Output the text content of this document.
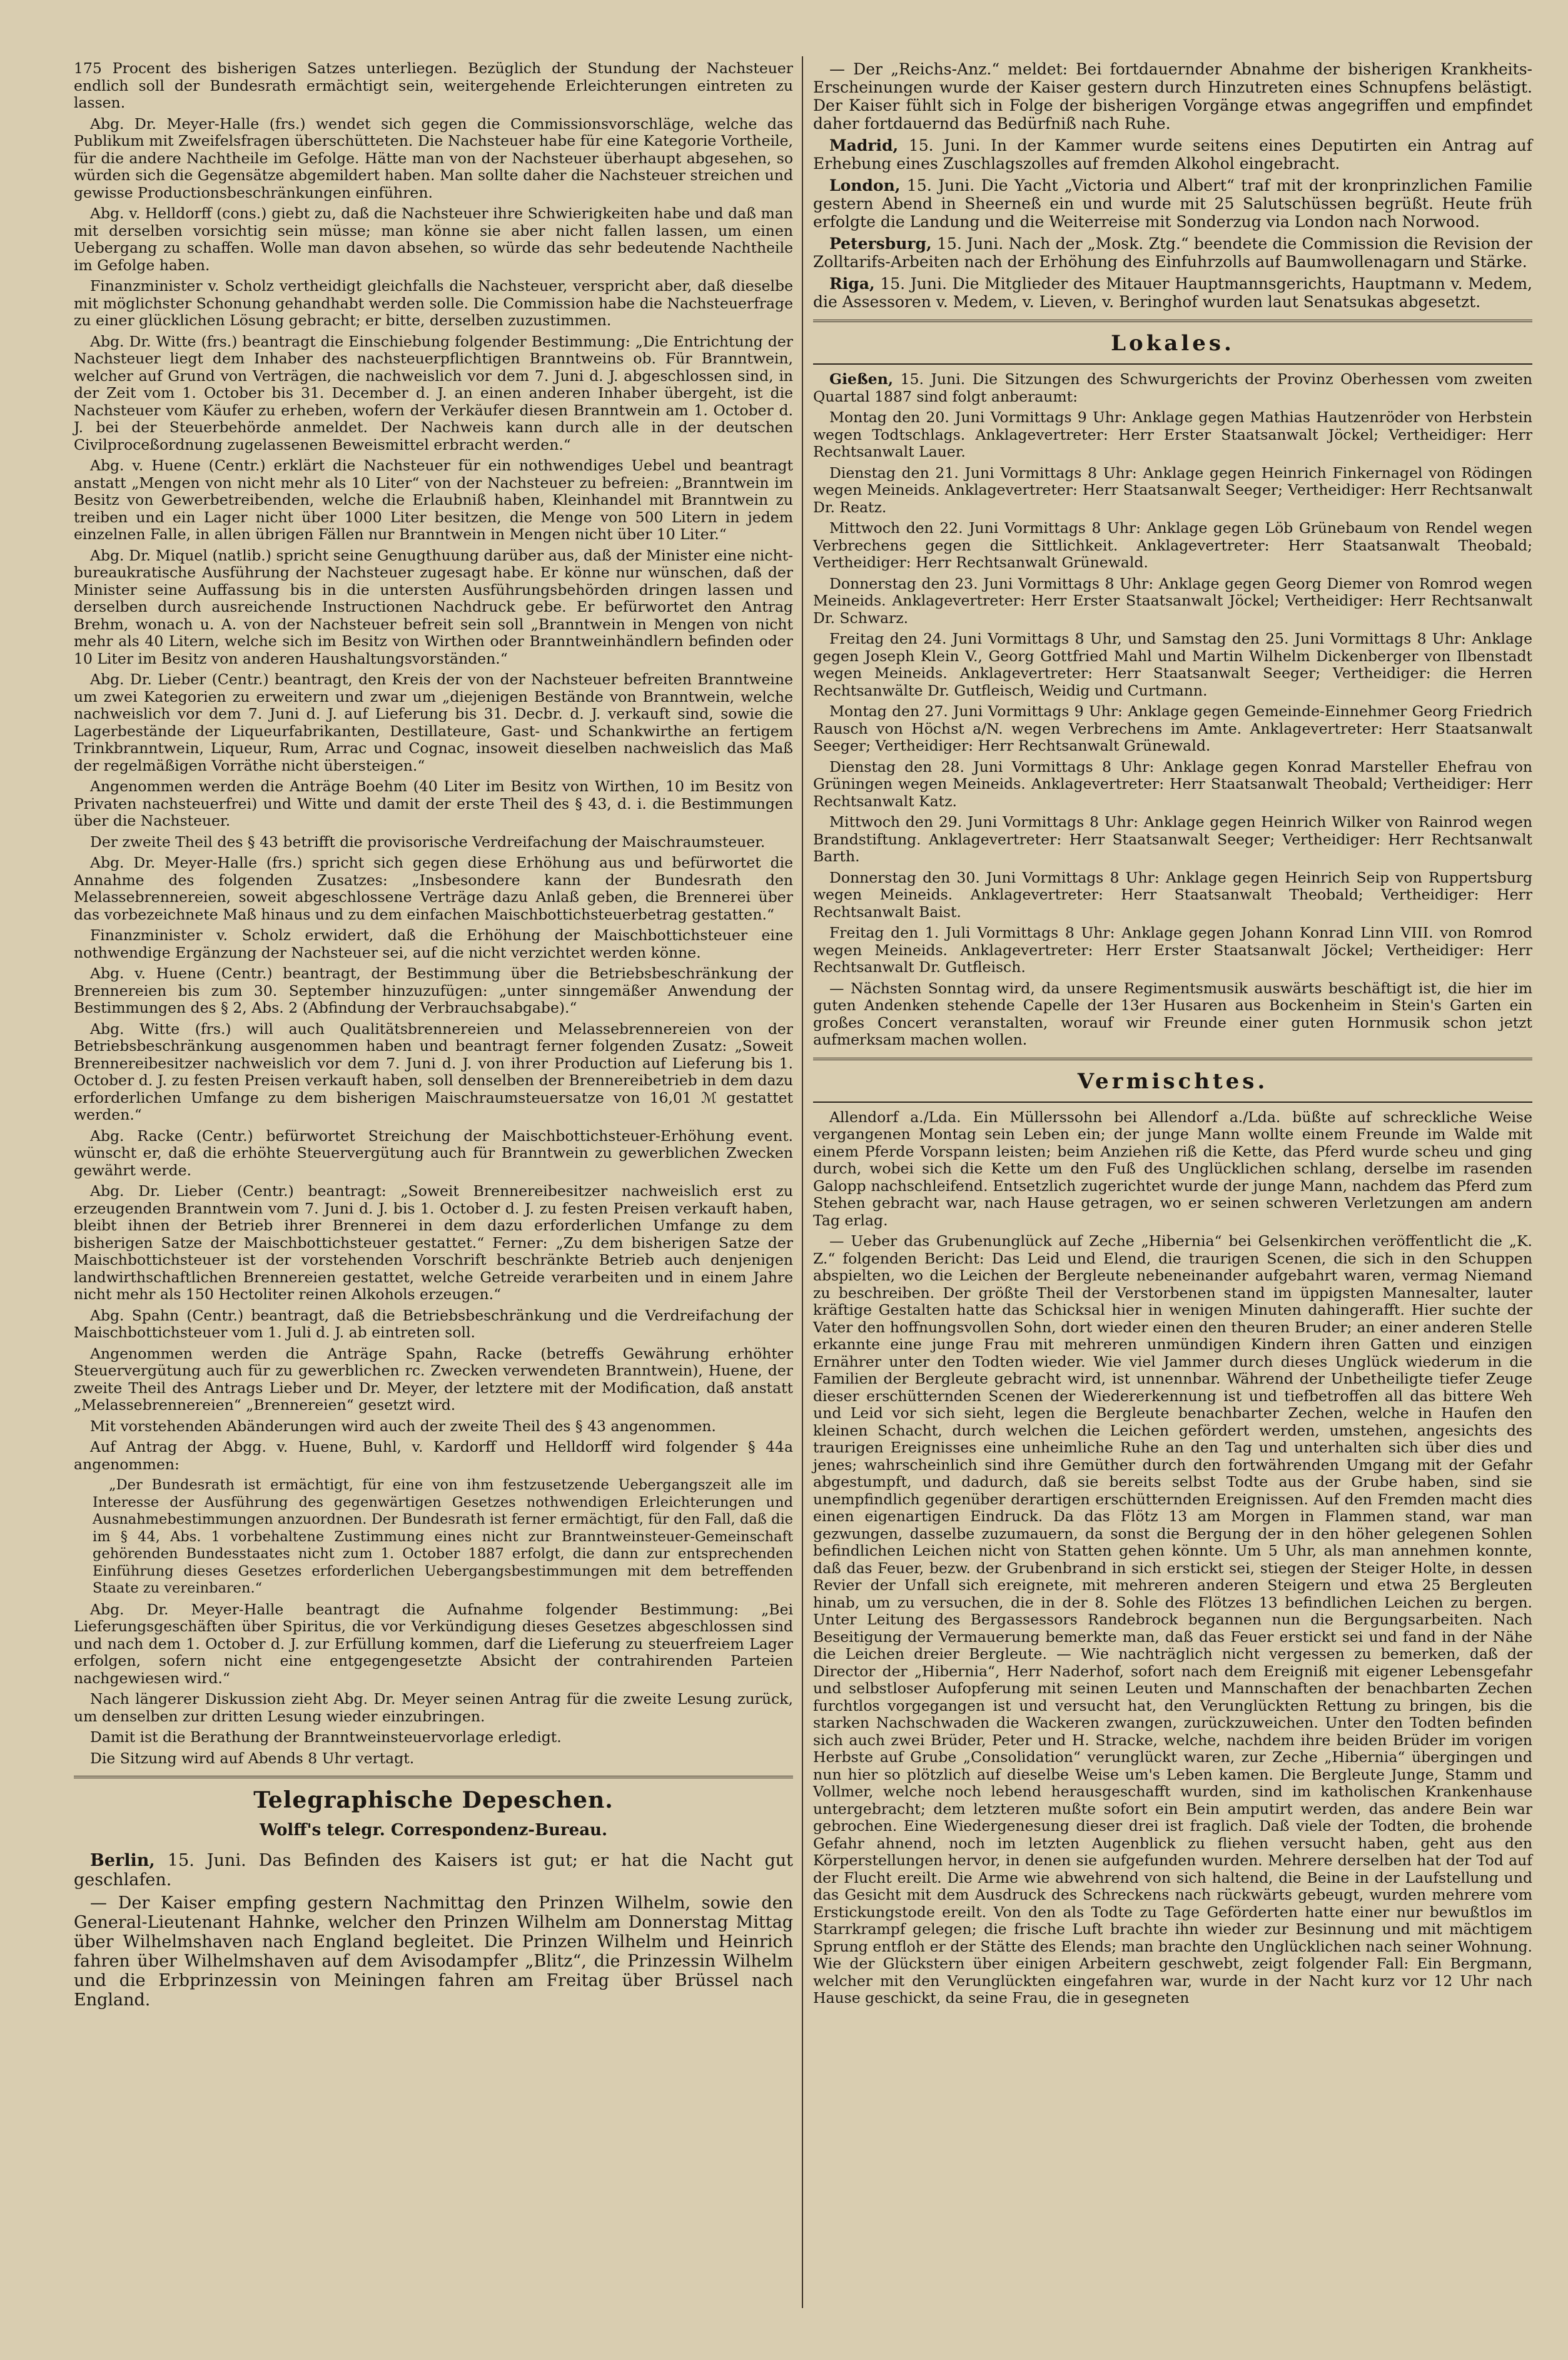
175 Procent des bisherigen Satzes unterliegen. Bezüglich der Stundung der Nachsteuer endlich soll der Bundesrath ermächtigt sein, weitergehende Erleichterungen eintreten zu lassen.

Abg. Dr. Meyer-Halle (frs.) wendet sich gegen die Commissionsvorschläge, welche das Publikum mit Zweifelsfragen überschütteten. Die Nachsteuer habe für eine Kategorie Vortheile, für die andere Nachtheile im Gefolge. Hätte man von der Nachsteuer überhaupt abgesehen, so würden sich die Gegensätze abgemildert haben. Man sollte daher die Nachsteuer streichen und gewisse Productionsbeschränkungen einführen.

Abg. v. Helldorff (cons.) giebt zu, daß die Nachsteuer ihre Schwierigkeiten habe und daß man mit derselben vorsichtig sein müsse; man könne sie aber nicht fallen lassen, um einen Uebergang zu schaffen. Wolle man davon absehen, so würde das sehr bedeutende Nachtheile im Gefolge haben.

Finanzminister v. Scholz vertheidigt gleichfalls die Nachsteuer, verspricht aber, daß dieselbe mit möglichster Schonung gehandhabt werden solle. Die Commission habe die Nachsteuerfrage zu einer glücklichen Lösung gebracht; er bitte, derselben zuzustimmen.

Abg. Dr. Witte (frs.) beantragt die Einschiebung folgender Bestimmung: „Die Entrichtung der Nachsteuer liegt dem Inhaber des nachsteuerpflichtigen Branntweins ob. Für Branntwein, welcher auf Grund von Verträgen, die nachweislich vor dem 7. Juni d. J. abgeschlossen sind, in der Zeit vom 1. October bis 31. December d. J. an einen anderen Inhaber übergeht, ist die Nachsteuer vom Käufer zu erheben, wofern der Verkäufer diesen Branntwein am 1. October d. J. bei der Steuerbehörde anmeldet. Der Nachweis kann durch alle in der deutschen Civilproceßordnung zugelassenen Beweismittel erbracht werden.“

Abg. v. Huene (Centr.) erklärt die Nachsteuer für ein nothwendiges Uebel und beantragt anstatt „Mengen von nicht mehr als 10 Liter“ von der Nachsteuer zu befreien: „Branntwein im Besitz von Gewerbetreibenden, welche die Erlaubniß haben, Kleinhandel mit Branntwein zu treiben und ein Lager nicht über 1000 Liter besitzen, die Menge von 500 Litern in jedem einzelnen Falle, in allen übrigen Fällen nur Branntwein in Mengen nicht über 10 Liter.“

Abg. Dr. Miquel (natlib.) spricht seine Genugthuung darüber aus, daß der Minister eine nicht-bureaukratische Ausführung der Nachsteuer zugesagt habe. Er könne nur wünschen, daß der Minister seine Auffassung bis in die untersten Ausführungsbehörden dringen lassen und derselben durch ausreichende Instructionen Nachdruck gebe. Er befürwortet den Antrag Brehm, wonach u. A. von der Nachsteuer befreit sein soll „Branntwein in Mengen von nicht mehr als 40 Litern, welche sich im Besitz von Wirthen oder Branntweinhändlern befinden oder 10 Liter im Besitz von anderen Haushaltungsvorständen.“

Abg. Dr. Lieber (Centr.) beantragt, den Kreis der von der Nachsteuer befreiten Branntweine um zwei Kategorien zu erweitern und zwar um „diejenigen Bestände von Branntwein, welche nachweislich vor dem 7. Juni d. J. auf Lieferung bis 31. Decbr. d. J. verkauft sind, sowie die Lagerbestände der Liqueurfabrikanten, Destillateure, Gast- und Schankwirthe an fertigem Trinkbranntwein, Liqueur, Rum, Arrac und Cognac, insoweit dieselben nachweislich das Maß der regelmäßigen Vorräthe nicht übersteigen.“

Angenommen werden die Anträge Boehm (40 Liter im Besitz von Wirthen, 10 im Besitz von Privaten nachsteuerfrei) und Witte und damit der erste Theil des § 43, d. i. die Bestimmungen über die Nachsteuer.

Der zweite Theil des § 43 betrifft die provisorische Verdreifachung der Maischraumsteuer.

Abg. Dr. Meyer-Halle (frs.) spricht sich gegen diese Erhöhung aus und befürwortet die Annahme des folgenden Zusatzes: „Insbesondere kann der Bundesrath den Melassebrennereien, soweit abgeschlossene Verträge dazu Anlaß geben, die Brennerei über das vorbezeichnete Maß hinaus und zu dem einfachen Maischbottichsteuerbetrag gestatten.“

Finanzminister v. Scholz erwidert, daß die Erhöhung der Maischbottichsteuer eine nothwendige Ergänzung der Nachsteuer sei, auf die nicht verzichtet werden könne.

Abg. v. Huene (Centr.) beantragt, der Bestimmung über die Betriebsbeschränkung der Brennereien bis zum 30. September hinzuzufügen: „unter sinngemäßer Anwendung der Bestimmungen des § 2, Abs. 2 (Abfindung der Verbrauchsabgabe).“

Abg. Witte (frs.) will auch Qualitätsbrennereien und Melassebrennereien von der Betriebsbeschränkung ausgenommen haben und beantragt ferner folgenden Zusatz: „Soweit Brennereibesitzer nachweislich vor dem 7. Juni d. J. von ihrer Production auf Lieferung bis 1. October d. J. zu festen Preisen verkauft haben, soll denselben der Brennereibetrieb in dem dazu erforderlichen Umfange zu dem bisherigen Maischraumsteuersatze von 16,01 ℳ gestattet werden.“

Abg. Racke (Centr.) befürwortet Streichung der Maischbottichsteuer-Erhöhung event. wünscht er, daß die erhöhte Steuervergütung auch für Branntwein zu gewerblichen Zwecken gewährt werde.

Abg. Dr. Lieber (Centr.) beantragt: „Soweit Brennereibesitzer nachweislich erst zu erzeugenden Branntwein vom 7. Juni d. J. bis 1. October d. J. zu festen Preisen verkauft haben, bleibt ihnen der Betrieb ihrer Brennerei in dem dazu erforderlichen Umfange zu dem bisherigen Satze der Maischbottichsteuer gestattet.“ Ferner: „Zu dem bisherigen Satze der Maischbottichsteuer ist der vorstehenden Vorschrift beschränkte Betrieb auch denjenigen landwirthschaftlichen Brennereien gestattet, welche Getreide verarbeiten und in einem Jahre nicht mehr als 150 Hectoliter reinen Alkohols erzeugen.“

Abg. Spahn (Centr.) beantragt, daß die Betriebsbeschränkung und die Verdreifachung der Maischbottichsteuer vom 1. Juli d. J. ab eintreten soll.

Angenommen werden die Anträge Spahn, Racke (betreffs Gewährung erhöhter Steuervergütung auch für zu gewerblichen rc. Zwecken verwendeten Branntwein), Huene, der zweite Theil des Antrags Lieber und Dr. Meyer, der letztere mit der Modification, daß anstatt „Melassebrennereien“ „Brennereien“ gesetzt wird.

Mit vorstehenden Abänderungen wird auch der zweite Theil des § 43 angenommen.

Auf Antrag der Abgg. v. Huene, Buhl, v. Kardorff und Helldorff wird folgender § 44a angenommen:

„Der Bundesrath ist ermächtigt, für eine von ihm festzusetzende Uebergangszeit alle im Interesse der Ausführung des gegenwärtigen Gesetzes nothwendigen Erleichterungen und Ausnahmebestimmungen anzuordnen. Der Bundesrath ist ferner ermächtigt, für den Fall, daß die im § 44, Abs. 1 vorbehaltene Zustimmung eines nicht zur Branntweinsteuer-Gemeinschaft gehörenden Bundesstaates nicht zum 1. October 1887 erfolgt, die dann zur entsprechenden Einführung dieses Gesetzes erforderlichen Uebergangsbestimmungen mit dem betreffenden Staate zu vereinbaren.“

Abg. Dr. Meyer-Halle beantragt die Aufnahme folgender Bestimmung: „Bei Lieferungsgeschäften über Spiritus, die vor Verkündigung dieses Gesetzes abgeschlossen sind und nach dem 1. October d. J. zur Erfüllung kommen, darf die Lieferung zu steuerfreiem Lager erfolgen, sofern nicht eine entgegengesetzte Absicht der contrahirenden Parteien nachgewiesen wird.“

Nach längerer Diskussion zieht Abg. Dr. Meyer seinen Antrag für die zweite Lesung zurück, um denselben zur dritten Lesung wieder einzubringen.

Damit ist die Berathung der Branntweinsteuervorlage erledigt.

Die Sitzung wird auf Abends 8 Uhr vertagt.

Telegraphische Depeschen.
Wolff's telegr. Correspondenz-Bureau.

Berlin, 15. Juni. Das Befinden des Kaisers ist gut; er hat die Nacht gut geschlafen.

— Der Kaiser empfing gestern Nachmittag den Prinzen Wilhelm, sowie den General-Lieutenant Hahnke, welcher den Prinzen Wilhelm am Donnerstag Mittag über Wilhelmshaven nach England begleitet. Die Prinzen Wilhelm und Heinrich fahren über Wilhelmshaven auf dem Avisodampfer „Blitz“, die Prinzessin Wilhelm und die Erbprinzessin von Meiningen fahren am Freitag über Brüssel nach England.

— Der „Reichs-Anz.“ meldet: Bei fortdauernder Abnahme der bisherigen Krankheits-Erscheinungen wurde der Kaiser gestern durch Hinzutreten eines Schnupfens belästigt. Der Kaiser fühlt sich in Folge der bisherigen Vorgänge etwas angegriffen und empfindet daher fortdauernd das Bedürfniß nach Ruhe.

Madrid, 15. Juni. In der Kammer wurde seitens eines Deputirten ein Antrag auf Erhebung eines Zuschlagszolles auf fremden Alkohol eingebracht.

London, 15. Juni. Die Yacht „Victoria und Albert“ traf mit der kronprinzlichen Familie gestern Abend in Sheerneß ein und wurde mit 25 Salutschüssen begrüßt. Heute früh erfolgte die Landung und die Weiterreise mit Sonderzug via London nach Norwood.

Petersburg, 15. Juni. Nach der „Mosk. Ztg.“ beendete die Commission die Revision der Zolltarifs-Arbeiten nach der Erhöhung des Einfuhrzolls auf Baumwollenagarn und Stärke.

Riga, 15. Juni. Die Mitglieder des Mitauer Hauptmannsgerichts, Hauptmann v. Medem, die Assessoren v. Medem, v. Lieven, v. Beringhof wurden laut Senatsukas abgesetzt.

Lokales.

Gießen, 15. Juni. Die Sitzungen des Schwurgerichts der Provinz Oberhessen vom zweiten Quartal 1887 sind folgt anberaumt:

Montag den 20. Juni Vormittags 9 Uhr: Anklage gegen Mathias Hautzenröder von Herbstein wegen Todtschlags. Anklagevertreter: Herr Erster Staatsanwalt Jöckel; Vertheidiger: Herr Rechtsanwalt Lauer.

Dienstag den 21. Juni Vormittags 8 Uhr: Anklage gegen Heinrich Finkernagel von Rödingen wegen Meineids. Anklagevertreter: Herr Staatsanwalt Seeger; Vertheidiger: Herr Rechtsanwalt Dr. Reatz.

Mittwoch den 22. Juni Vormittags 8 Uhr: Anklage gegen Löb Grünebaum von Rendel wegen Verbrechens gegen die Sittlichkeit. Anklagevertreter: Herr Staatsanwalt Theobald; Vertheidiger: Herr Rechtsanwalt Grünewald.

Donnerstag den 23. Juni Vormittags 8 Uhr: Anklage gegen Georg Diemer von Romrod wegen Meineids. Anklagevertreter: Herr Erster Staatsanwalt Jöckel; Vertheidiger: Herr Rechtsanwalt Dr. Schwarz.

Freitag den 24. Juni Vormittags 8 Uhr, und Samstag den 25. Juni Vormittags 8 Uhr: Anklage gegen Joseph Klein V., Georg Gottfried Mahl und Martin Wilhelm Dickenberger von Ilbenstadt wegen Meineids. Anklagevertreter: Herr Staatsanwalt Seeger; Vertheidiger: die Herren Rechtsanwälte Dr. Gutfleisch, Weidig und Curtmann.

Montag den 27. Juni Vormittags 9 Uhr: Anklage gegen Gemeinde-Einnehmer Georg Friedrich Rausch von Höchst a/N. wegen Verbrechens im Amte. Anklagevertreter: Herr Staatsanwalt Seeger; Vertheidiger: Herr Rechtsanwalt Grünewald.

Dienstag den 28. Juni Vormittags 8 Uhr: Anklage gegen Konrad Marsteller Ehefrau von Grüningen wegen Meineids. Anklagevertreter: Herr Staatsanwalt Theobald; Vertheidiger: Herr Rechtsanwalt Katz.

Mittwoch den 29. Juni Vormittags 8 Uhr: Anklage gegen Heinrich Wilker von Rainrod wegen Brandstiftung. Anklagevertreter: Herr Staatsanwalt Seeger; Vertheidiger: Herr Rechtsanwalt Barth.

Donnerstag den 30. Juni Vormittags 8 Uhr: Anklage gegen Heinrich Seip von Ruppertsburg wegen Meineids. Anklagevertreter: Herr Staatsanwalt Theobald; Vertheidiger: Herr Rechtsanwalt Baist.

Freitag den 1. Juli Vormittags 8 Uhr: Anklage gegen Johann Konrad Linn VIII. von Romrod wegen Meineids. Anklagevertreter: Herr Erster Staatsanwalt Jöckel; Vertheidiger: Herr Rechtsanwalt Dr. Gutfleisch.

— Nächsten Sonntag wird, da unsere Regimentsmusik auswärts beschäftigt ist, die hier im guten Andenken stehende Capelle der 13er Husaren aus Bockenheim in Stein's Garten ein großes Concert veranstalten, worauf wir Freunde einer guten Hornmusik schon jetzt aufmerksam machen wollen.

Vermischtes.

Allendorf a./Lda. Ein Müllerssohn bei Allendorf a./Lda. büßte auf schreckliche Weise vergangenen Montag sein Leben ein; der junge Mann wollte einem Freunde im Walde mit einem Pferde Vorspann leisten; beim Anziehen riß die Kette, das Pferd wurde scheu und ging durch, wobei sich die Kette um den Fuß des Unglücklichen schlang, derselbe im rasenden Galopp nachschleifend. Entsetzlich zugerichtet wurde der junge Mann, nachdem das Pferd zum Stehen gebracht war, nach Hause getragen, wo er seinen schweren Verletzungen am andern Tag erlag.

— Ueber das Grubenunglück auf Zeche „Hibernia“ bei Gelsenkirchen veröffentlicht die „K. Z.“ folgenden Bericht: Das Leid und Elend, die traurigen Scenen, die sich in den Schuppen abspielten, wo die Leichen der Bergleute nebeneinander aufgebahrt waren, vermag Niemand zu beschreiben. Der größte Theil der Verstorbenen stand im üppigsten Mannesalter, lauter kräftige Gestalten hatte das Schicksal hier in wenigen Minuten dahingerafft. Hier suchte der Vater den hoffnungsvollen Sohn, dort wieder einen den theuren Bruder; an einer anderen Stelle erkannte eine junge Frau mit mehreren unmündigen Kindern ihren Gatten und einzigen Ernährer unter den Todten wieder. Wie viel Jammer durch dieses Unglück wiederum in die Familien der Bergleute gebracht wird, ist unnennbar. Während der Unbetheiligte tiefer Zeuge dieser erschütternden Scenen der Wiedererkennung ist und tiefbetroffen all das bittere Weh und Leid vor sich sieht, legen die Bergleute benachbarter Zechen, welche in Haufen den kleinen Schacht, durch welchen die Leichen gefördert werden, umstehen, angesichts des traurigen Ereignisses eine unheimliche Ruhe an den Tag und unterhalten sich über dies und jenes; wahrscheinlich sind ihre Gemüther durch den fortwährenden Umgang mit der Gefahr abgestumpft, und dadurch, daß sie bereits selbst Todte aus der Grube haben, sind sie unempfindlich gegenüber derartigen erschütternden Ereignissen. Auf den Fremden macht dies einen eigenartigen Eindruck. Da das Flötz 13 am Morgen in Flammen stand, war man gezwungen, dasselbe zuzumauern, da sonst die Bergung der in den höher gelegenen Sohlen befindlichen Leichen nicht von Statten gehen könnte. Um 5 Uhr, als man annehmen konnte, daß das Feuer, bezw. der Grubenbrand in sich erstickt sei, stiegen der Steiger Holte, in dessen Revier der Unfall sich ereignete, mit mehreren anderen Steigern und etwa 25 Bergleuten hinab, um zu versuchen, die in der 8. Sohle des Flötzes 13 befindlichen Leichen zu bergen. Unter Leitung des Bergassessors Randebrock begannen nun die Bergungsarbeiten. Nach Beseitigung der Vermauerung bemerkte man, daß das Feuer erstickt sei und fand in der Nähe die Leichen dreier Bergleute. — Wie nachträglich nicht vergessen zu bemerken, daß der Director der „Hibernia“, Herr Naderhof, sofort nach dem Ereigniß mit eigener Lebensgefahr und selbstloser Aufopferung mit seinen Leuten und Mannschaften der benachbarten Zechen furchtlos vorgegangen ist und versucht hat, den Verunglückten Rettung zu bringen, bis die starken Nachschwaden die Wackeren zwangen, zurückzuweichen. Unter den Todten befinden sich auch zwei Brüder, Peter und H. Stracke, welche, nachdem ihre beiden Brüder im vorigen Herbste auf Grube „Consolidation“ verunglückt waren, zur Zeche „Hibernia“ übergingen und nun hier so plötzlich auf dieselbe Weise um's Leben kamen. Die Bergleute Junge, Stamm und Vollmer, welche noch lebend herausgeschafft wurden, sind im katholischen Krankenhause untergebracht; dem letzteren mußte sofort ein Bein amputirt werden, das andere Bein war gebrochen. Eine Wiedergenesung dieser drei ist fraglich. Daß viele der Todten, die brohende Gefahr ahnend, noch im letzten Augenblick zu fliehen versucht haben, geht aus den Körperstellungen hervor, in denen sie aufgefunden wurden. Mehrere derselben hat der Tod auf der Flucht ereilt. Die Arme wie abwehrend von sich haltend, die Beine in der Laufstellung und das Gesicht mit dem Ausdruck des Schreckens nach rückwärts gebeugt, wurden mehrere vom Erstickungstode ereilt. Von den als Todte zu Tage Geförderten hatte einer nur bewußtlos im Starrkrampf gelegen; die frische Luft brachte ihn wieder zur Besinnung und mit mächtigem Sprung entfloh er der Stätte des Elends; man brachte den Unglücklichen nach seiner Wohnung. Wie der Glückstern über einigen Arbeitern geschwebt, zeigt folgender Fall: Ein Bergmann, welcher mit den Verunglückten eingefahren war, wurde in der Nacht kurz vor 12 Uhr nach Hause geschickt, da seine Frau, die in gesegneten
